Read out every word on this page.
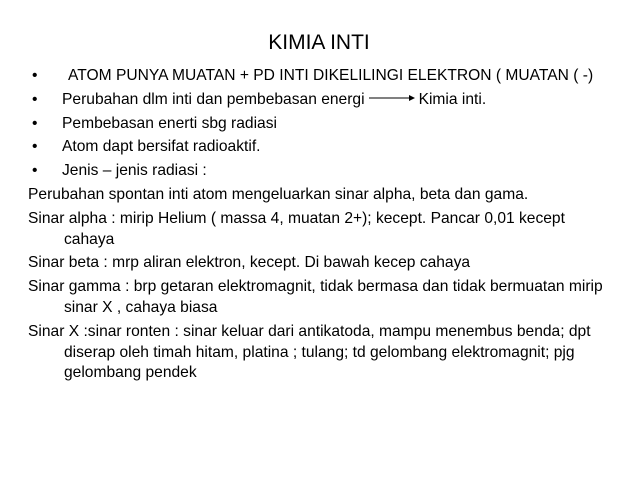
KIMIA INTI
• ATOM PUNYA MUATAN + PD INTI DIKELILINGI ELEKTRON ( MUATAN ( -)
• Perubahan dlm inti dan pembebasan energi	Kimia inti.
• Pembebasan enerti sbg radiasi
• Atom dapt bersifat radioaktif.
• Jenis – jenis radiasi :
Perubahan spontan inti atom mengeluarkan sinar alpha, beta dan gama.
Sinar alpha : mirip Helium ( massa 4, muatan 2+); kecept. Pancar 0,01 kecept cahaya
Sinar beta : mrp aliran elektron, kecept. Di bawah kecep cahaya
Sinar gamma : brp getaran elektromagnit, tidak bermasa dan tidak bermuatan mirip sinar X , cahaya biasa
Sinar X :sinar ronten : sinar keluar dari antikatoda, mampu menembus benda; dpt diserap oleh timah hitam, platina ; tulang; td gelombang elektromagnit; pjg gelombang pendek
